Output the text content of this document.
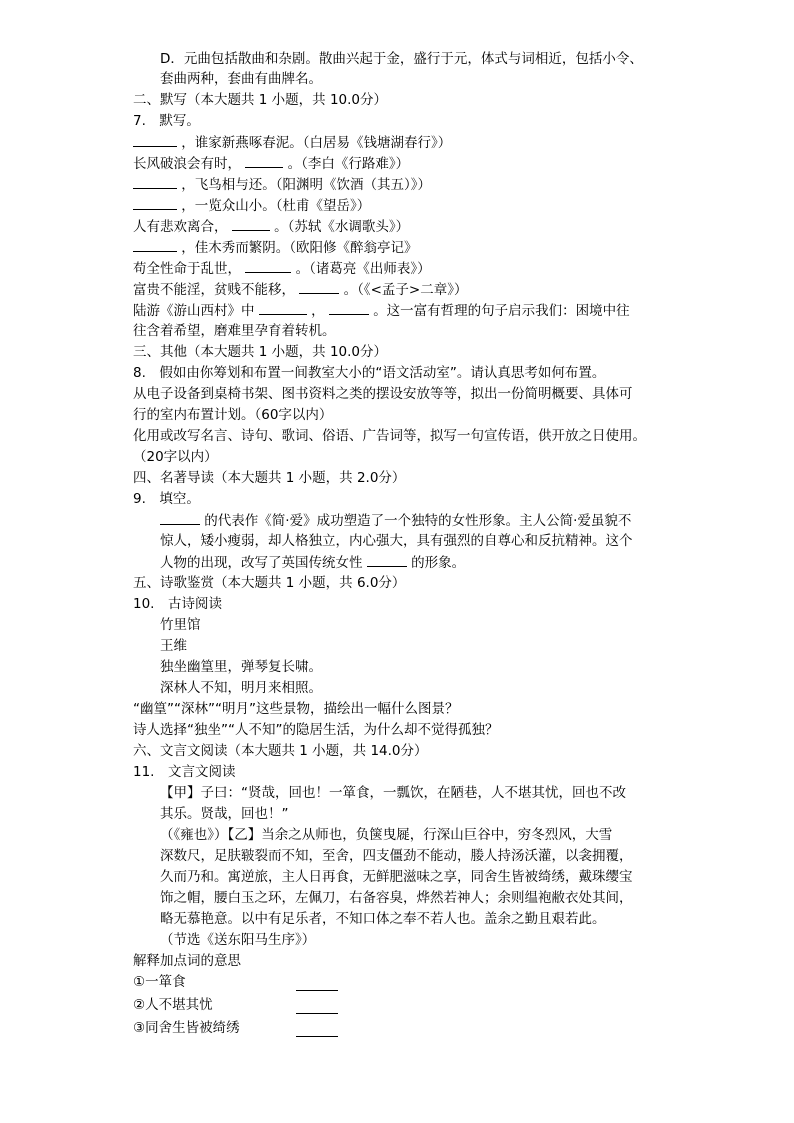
D．元曲包括散曲和杂剧。散曲兴起于金，盛行于元，体式与词相近，包括小令、
套曲两种，套曲有曲牌名。
二、默写（本大题共 1 小题，共 10.0分）
7.　默写。
，谁家新燕啄春泥。（白居易《钱塘湖春行》）
长风破浪会有时，	。（李白《行路难》）
，飞鸟相与还。（阳渊明《饮酒（其五）》）
，一览众山小。（杜甫《望岳》）
人有悲欢离合，	。（苏轼《水调歌头》）
，佳木秀而繁阴。（欧阳修《醉翁亭记》
苟全性命于乱世，	。（诸葛亮《出师表》）
富贵不能淫，贫贱不能移，	。（《<孟子>二章》）
陆游《游山西村》中	，	。这一富有哲理的句子启示我们：困境中往
往含着希望，磨难里孕育着转机。
三、其他（本大题共 1 小题，共 10.0分）
8.　假如由你筹划和布置一间教室大小的“语文活动室”。请认真思考如何布置。
从电子设备到桌椅书架、图书资料之类的摆设安放等等，拟出一份简明概要、具体可
行的室内布置计划。（60字以内）
化用或改写名言、诗句、歌词、俗语、广告词等，拟写一句宣传语，供开放之日使用。
（20字以内）
四、名著导读（本大题共 1 小题，共 2.0分）
9.　填空。
的代表作《简·爱》成功塑造了一个独特的女性形象。主人公简·爱虽貌不
惊人，矮小瘦弱，却人格独立，内心强大，具有强烈的自尊心和反抗精神。这个
人物的出现，改写了英国传统女性	的形象。
五、诗歌鉴赏（本大题共 1 小题，共 6.0分）
10.　古诗阅读
竹里馆
王维
独坐幽篁里，弹琴复长啸。
深林人不知，明月来相照。
“幽篁”“深林”“明月”这些景物，描绘出一幅什么图景？
诗人选择“独坐”“人不知”的隐居生活，为什么却不觉得孤独？
六、文言文阅读（本大题共 1 小题，共 14.0分）
11.　文言文阅读
【甲】子曰：“贤哉，回也！一箪食，一瓢饮，在陋巷，人不堪其忧，回也不改
其乐。贤哉，回也！”
（《雍也》）【乙】当余之从师也，负箧曳屣，行深山巨谷中，穷冬烈风，大雪
深数尺，足肤皲裂而不知，至舍，四支僵劲不能动，媵人持汤沃灌，以衾拥覆，
久而乃和。寓逆旅，主人日再食，无鲜肥滋味之享，同舍生皆被绮绣，戴珠缨宝
饰之帽，腰白玉之环，左佩刀，右备容臭，烨然若神人；余则缊袍敝衣处其间，
略无慕艳意。以中有足乐者，不知口体之奉不若人也。盖余之勤且艰若此。
（节选《送东阳马生序》）
解释加点词的意思
①一箪食
②人不堪其忧
③同舍生皆被绮绣
